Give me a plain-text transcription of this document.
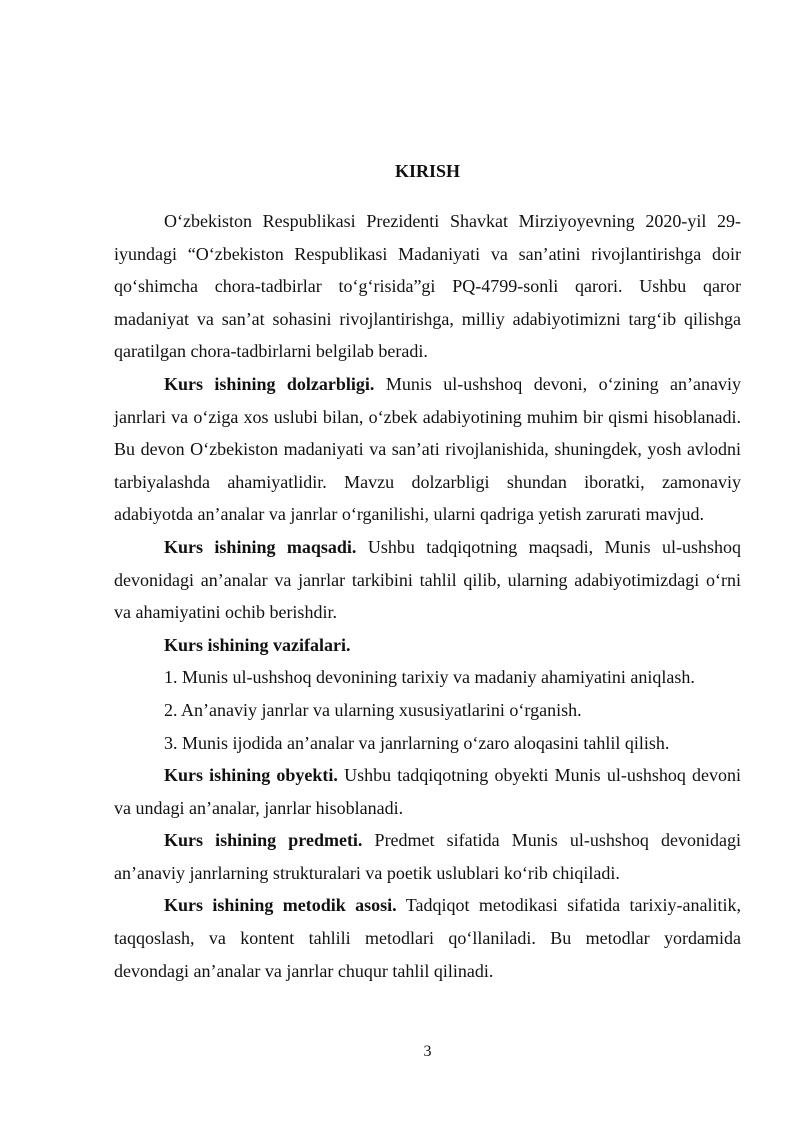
KIRISH

O‘zbekiston Respublikasi Prezidenti Shavkat Mirziyoyevning 2020-yil 29-iyundagi “O‘zbekiston Respublikasi Madaniyati va san’atini rivojlantirishga doir qo‘shimcha chora-tadbirlar to‘g‘risida”gi PQ-4799-sonli qarori. Ushbu qaror madaniyat va san’at sohasini rivojlantirishga, milliy adabiyotimizni targ‘ib qilishga qaratilgan chora-tadbirlarni belgilab beradi.

Kurs ishining dolzarbligi. Munis ul-ushshoq devoni, o‘zining an’anaviy janrlari va o‘ziga xos uslubi bilan, o‘zbek adabiyotining muhim bir qismi hisoblanadi. Bu devon O‘zbekiston madaniyati va san’ati rivojlanishida, shuningdek, yosh avlodni tarbiyalashda ahamiyatlidir. Mavzu dolzarbligi shundan iboratki, zamonaviy adabiyotda an’analar va janrlar o‘rganilishi, ularni qadriga yetish zarurati mavjud.

Kurs ishining maqsadi. Ushbu tadqiqotning maqsadi, Munis ul-ushshoq devonidagi an’analar va janrlar tarkibini tahlil qilib, ularning adabiyotimizdagi o‘rni va ahamiyatini ochib berishdir.

Kurs ishining vazifalari.

1. Munis ul-ushshoq devonining tarixiy va madaniy ahamiyatini aniqlash.

2. An’anaviy janrlar va ularning xususiyatlarini o‘rganish.

3. Munis ijodida an’analar va janrlarning o‘zaro aloqasini tahlil qilish.

Kurs ishining obyekti. Ushbu tadqiqotning obyekti Munis ul-ushshoq devoni va undagi an’analar, janrlar hisoblanadi.

Kurs ishining predmeti. Predmet sifatida Munis ul-ushshoq devonidagi an’anaviy janrlarning strukturalari va poetik uslublari ko‘rib chiqiladi.

Kurs ishining metodik asosi. Tadqiqot metodikasi sifatida tarixiy-analitik, taqqoslash, va kontent tahlili metodlari qo‘llaniladi. Bu metodlar yordamida devondagi an’analar va janrlar chuqur tahlil qilinadi.

3
